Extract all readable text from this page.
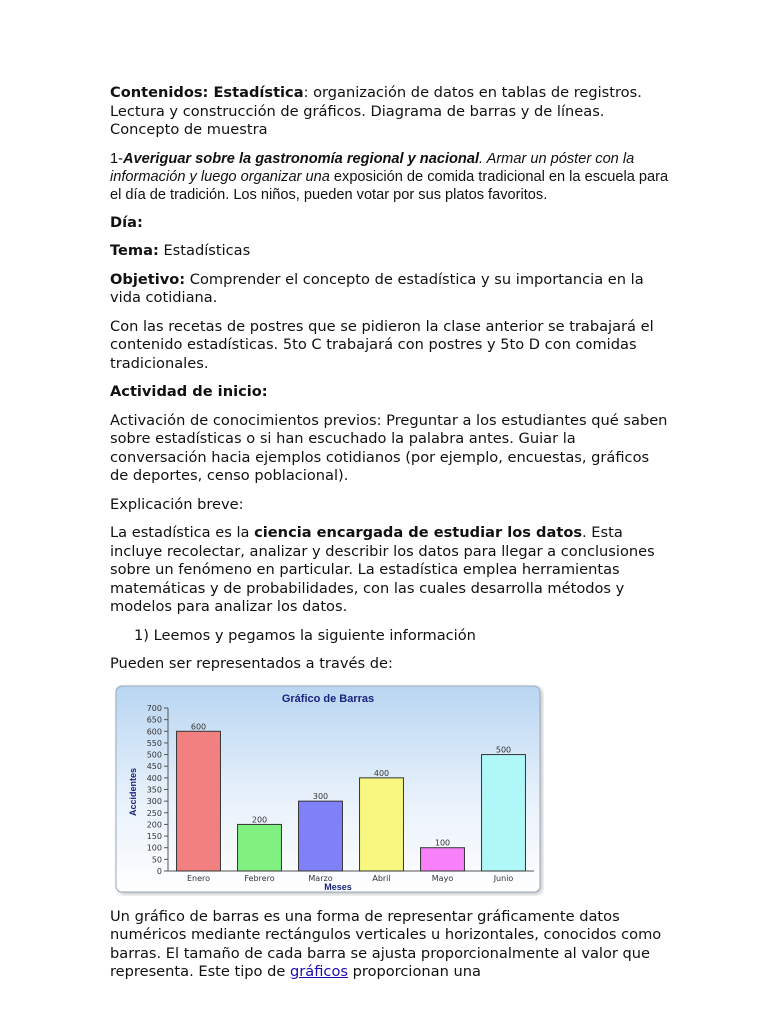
Contenidos: Estadística: organización de datos en tablas de registros. Lectura y construcción de gráficos. Diagrama de barras y de líneas. Concepto de muestra

1-Averiguar sobre la gastronomía regional y nacional. Armar un póster con la información y luego organizar una exposición de comida tradicional en la escuela para el día de tradición. Los niños, pueden votar por sus platos favoritos.

Día:

Tema: Estadísticas

Objetivo: Comprender el concepto de estadística y su importancia en la vida cotidiana.

Con las recetas de postres que se pidieron la clase anterior se trabajará el contenido estadísticas. 5to C trabajará con postres y 5to D con comidas tradicionales.

Actividad de inicio:

Activación de conocimientos previos: Preguntar a los estudiantes qué saben sobre estadísticas o si han escuchado la palabra antes. Guiar la conversación hacia ejemplos cotidianos (por ejemplo, encuestas, gráficos de deportes, censo poblacional).

Explicación breve:

La estadística es la ciencia encargada de estudiar los datos. Esta incluye recolectar, analizar y describir los datos para llegar a conclusiones sobre un fenómeno en particular. La estadística emplea herramientas matemáticas y de probabilidades, con las cuales desarrolla métodos y modelos para analizar los datos.

1) Leemos y pegamos la siguiente información

Pueden ser representados a través de:

Gráfico de Barras
Accidentes
Meses
0
50
100
150
200
250
300
350
400
450
500
550
600
650
700
600
Enero
200
Febrero
300
Marzo
400
Abril
100
Mayo
500
Junio

Un gráfico de barras es una forma de representar gráficamente datos numéricos mediante rectángulos verticales u horizontales, conocidos como barras. El tamaño de cada barra se ajusta proporcionalmente al valor que representa. Este tipo de gráficos proporcionan una
